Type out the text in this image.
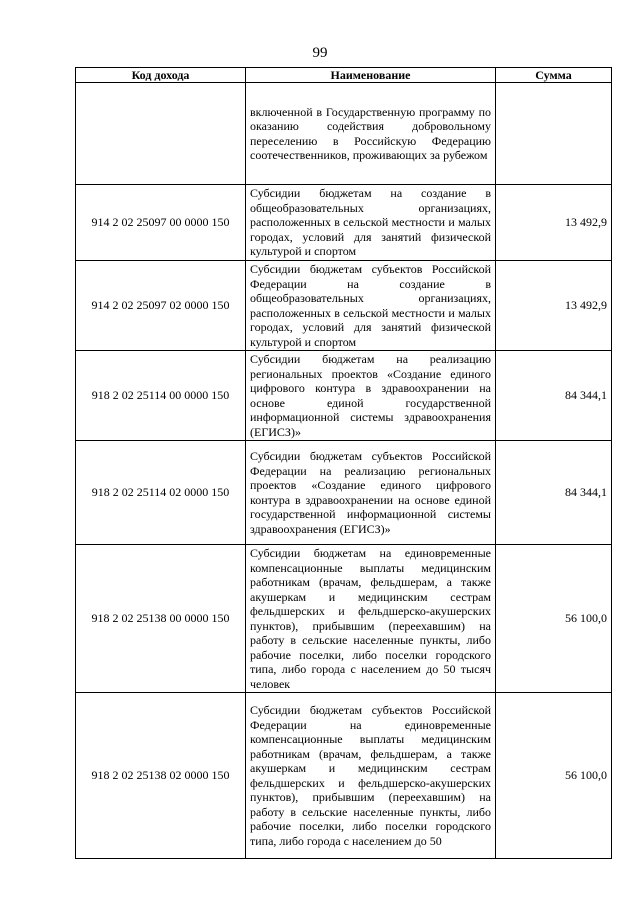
99
Код дохода	Наименование	Сумма
	включенной в Государственную программу по оказанию содействия добровольному переселению в Российскую Федерацию соотечественников, проживающих за рубежом	
914 2 02 25097 00 0000 150	Субсидии бюджетам на создание в общеобразовательных организациях, расположенных в сельской местности и малых городах, условий для занятий физической культурой и спортом	13 492,9
914 2 02 25097 02 0000 150	Субсидии бюджетам субъектов Российской Федерации на создание в общеобразовательных организациях, расположенных в сельской местности и малых городах, условий для занятий физической культурой и спортом	13 492,9
918 2 02 25114 00 0000 150	Субсидии бюджетам на реализацию региональных проектов «Создание единого цифрового контура в здравоохранении на основе единой государственной информационной системы здравоохранения (ЕГИСЗ)»	84 344,1
918 2 02 25114 02 0000 150	Субсидии бюджетам субъектов Российской Федерации на реализацию региональных проектов «Создание единого цифрового контура в здравоохранении на основе единой государственной информационной системы здравоохранения (ЕГИСЗ)»	84 344,1
918 2 02 25138 00 0000 150	Субсидии бюджетам на единовременные компенсационные выплаты медицинским работникам (врачам, фельдшерам, а также акушеркам и медицинским сестрам фельдшерских и фельдшерско-акушерских пунктов), прибывшим (переехавшим) на работу в сельские населенные пункты, либо рабочие поселки, либо поселки городского типа, либо города с населением до 50 тысяч человек	56 100,0
918 2 02 25138 02 0000 150	Субсидии бюджетам субъектов Российской Федерации на единовременные компенсационные выплаты медицинским работникам (врачам, фельдшерам, а также акушеркам и медицинским сестрам фельдшерских и фельдшерско-акушерских пунктов), прибывшим (переехавшим) на работу в сельские населенные пункты, либо рабочие поселки, либо поселки городского типа, либо города с населением до 50	56 100,0
